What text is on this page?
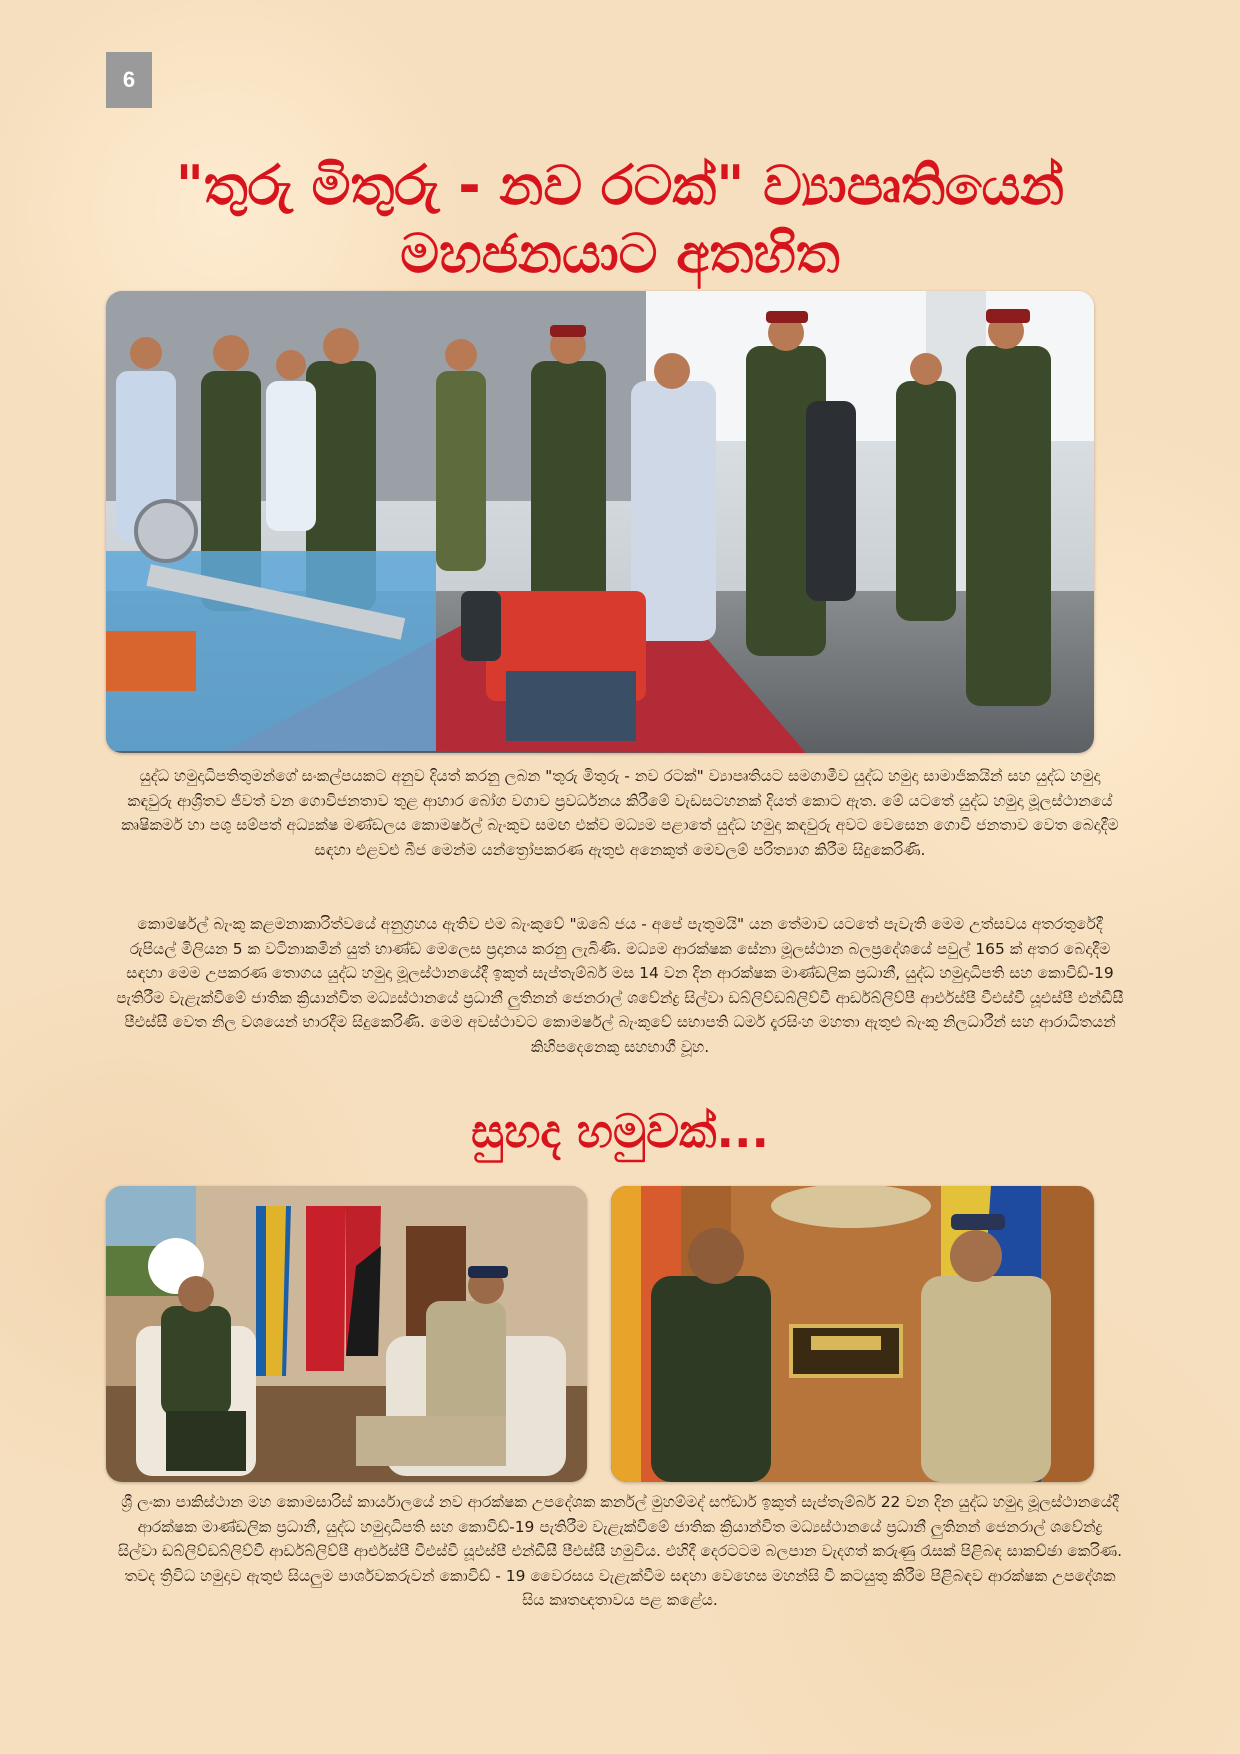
6
"තුරු මිතුරු - නව රටක්" ව්‍යාපෘතියෙන්
මහජනයාට අතහිත

යුද්ධ හමුදාධිපතිතුමන්ගේ සංකල්පයකට අනුව දියත් කරනු ලබන "තුරු මිතුරු - නව රටක්" ව්‍යාපෘතියට සමගාමීව යුද්ධ හමුදා සාමාජිකයින් සහ යුද්ධ හමුදා කඳවුරු ආශ්‍රිතව ජීවත් වන ගොවිජනතාව තුළ ආහාර බෝග වගාව ප්‍රවර්ධනය කිරීමේ වැඩසටහනක් දියත් කොට ඇත. මේ යටතේ යුද්ධ හමුදා මූලස්ථානයේ කෘෂිකර්ම හා පශු සම්පත් අධ්‍යක්ෂ මණ්ඩලය කොමර්ෂල් බැංකුව සමඟ එක්ව මධ්‍යම පළාතේ යුද්ධ හමුදා කඳවුරු අවට වෙසෙන ගොවි ජනතාව වෙත බෙදාදීම සඳහා එළවළු බීජ මෙන්ම යන්ත්‍රෝපකරණ ඇතුළු අනෙකුත් මෙවලම් පරිත්‍යාග කිරීම සිදුකෙරිණි.

කොමර්ෂල් බැංකු කළමනාකාරිත්වයේ අනුග්‍රහය ඇතිව එම බැංකුවේ "ඔබේ ජය - අපේ පැතුමයි" යන තේමාව යටතේ පැවැති මෙම උත්සවය අතරතුරේදී රුපියල් මිලියන 5 ක වටිනාකමින් යුත් භාණ්ඩ මෙලෙස ප්‍රදානය කරනු ලැබිණි. මධ්‍යම ආරක්ෂක සේනා මූලස්ථාන බලප්‍රදේශයේ පවුල් 165 ක් අතර බෙදාදීම සඳහා මෙම උපකරණ තොගය යුද්ධ හමුදා මූලස්ථානයේදී ඉකුත් සැප්තැම්බර් මස 14 වන දින ආරක්ෂක මාණ්ඩලික ප්‍රධානී, යුද්ධ හමුදාධිපති සහ කොවිඩ්-19 පැතිරීම වැළැක්වීමේ ජාතික ක්‍රියාන්විත මධ්‍යස්ථානයේ ප්‍රධානී ලුතිනන් ජෙනරාල් ශවේන්ද්‍ර සිල්වා ඩබ්ලිව්ඩබ්ලිව්වී ආර්ඩබ්ලිව්පී ආර්එස්පී වීඑස්වී යූඑස්පී එන්ඩීසී පීඑස්සී වෙත නිල වශයෙන් භාරදීම සිදුකෙරිණි. මෙම අවස්ථාවට කොමර්ෂල් බැංකුවේ සභාපති ධර්ම දෑරසිංහ මහතා ඇතුළු බැංකු නිලධාරීන් සහ ආරාධිතයන් කිහිපදෙනෙකු සහභාගී වූහ.

සුහද හමුවක්...

ශ්‍රී ලංකා පාකිස්ථාන මහ කොමසාරිස් කාර්යාලයේ නව ආරක්ෂක උපදේශක කර්නල් මුහම්මද් සෆ්ඩාර් ඉකුත් සැප්තැම්බර් 22 වන දින යුද්ධ හමුදා මූලස්ථානයේදී ආරක්ෂක මාණ්ඩලික ප්‍රධානී, යුද්ධ හමුදාධිපති සහ කොවිඩ්-19 පැතිරීම වැළැක්වීමේ ජාතික ක්‍රියාන්විත මධ්‍යස්ථානයේ ප්‍රධානී ලුතිනන් ජෙනරාල් ශවේන්ද්‍ර සිල්වා ඩබ්ලිව්ඩබ්ලිව්වී ආර්ඩබ්ලිව්පී ආර්එස්පී වීඑස්වී යූඑස්පී එන්ඩීසී පීඑස්සී හමුවිය. එහිදී දෙරටටම බලපාන වැදගත් කරුණු රැසක් පිළිබඳ සාකච්ඡා කෙරිණ. තවද ත්‍රිවිධ හමුදාව ඇතුළු සියලුම පාර්ශවකරුවන් කොවිඩ් - 19 වෛරසය වැළැක්වීම සඳහා වෙහෙස මහන්සි වී කටයුතු කිරීම පිළිබඳව ආරක්ෂක උපදේශක සිය කෘතඥතාවය පළ කළේය.
